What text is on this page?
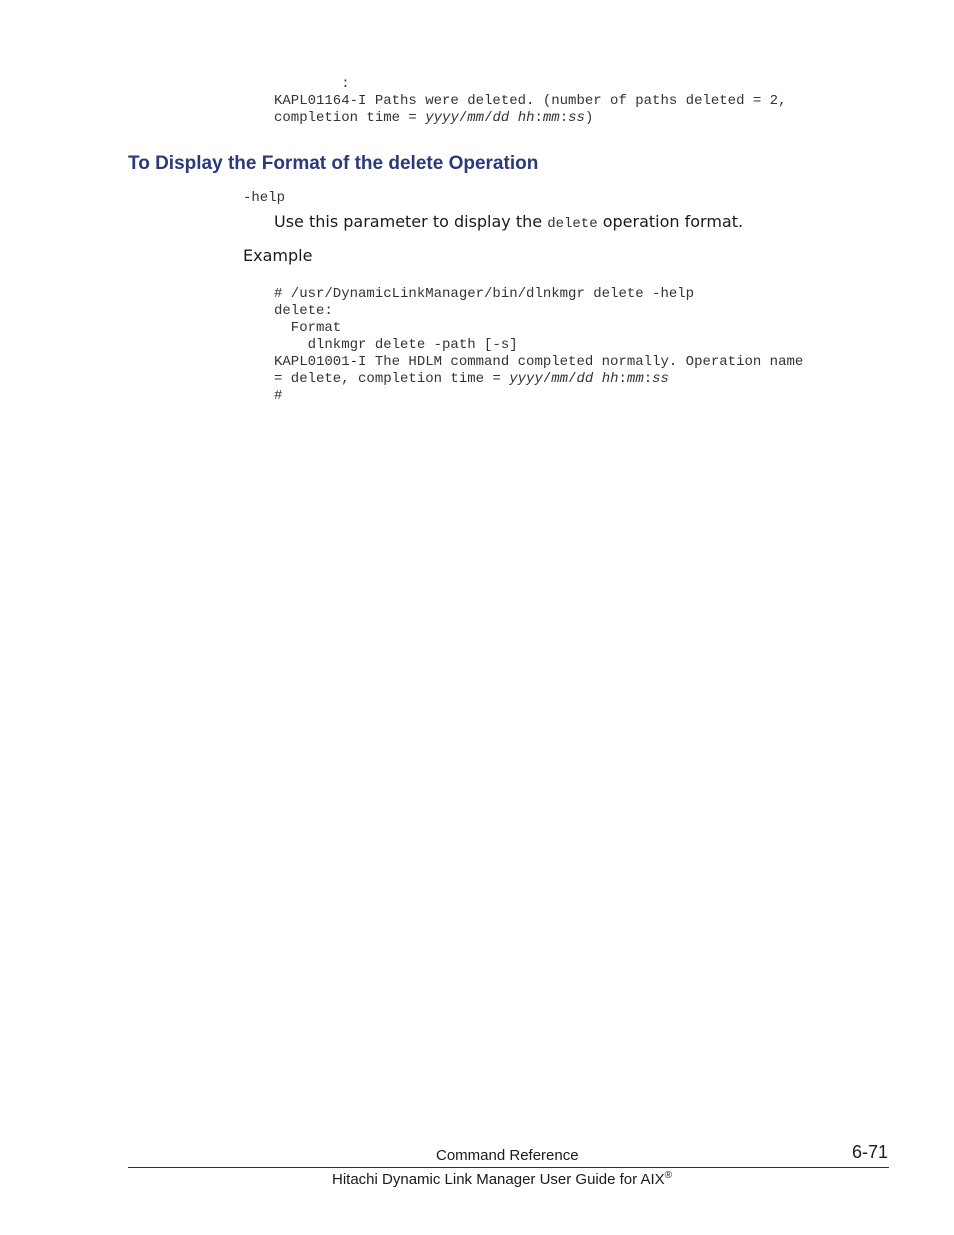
:
KAPL01164-I Paths were deleted. (number of paths deleted = 2,
completion time = yyyy/mm/dd hh:mm:ss)
To Display the Format of the delete Operation
-help
Use this parameter to display the delete operation format.
Example
# /usr/DynamicLinkManager/bin/dlnkmgr delete -help
delete:
Format
dlnkmgr delete -path [-s]
KAPL01001-I The HDLM command completed normally. Operation name
= delete, completion time = yyyy/mm/dd hh:mm:ss
#
Command Reference	6-71
Hitachi Dynamic Link Manager User Guide for AIX®
